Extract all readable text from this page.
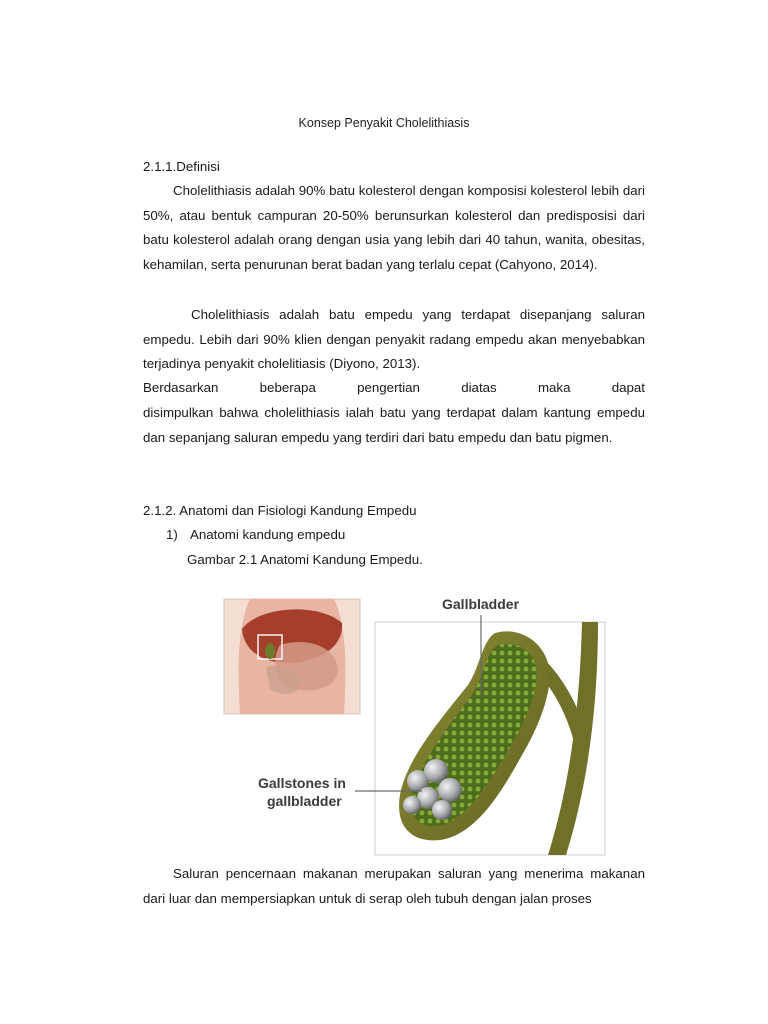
Konsep Penyakit Cholelithiasis
2.1.1.Definisi
Cholelithiasis adalah 90% batu kolesterol dengan komposisi kolesterol lebih dari 50%, atau bentuk campuran 20-50% berunsurkan kolesterol dan predisposisi dari batu kolesterol adalah orang dengan usia yang lebih dari 40 tahun, wanita, obesitas, kehamilan, serta penurunan berat badan yang terlalu cepat (Cahyono, 2014).
Cholelithiasis adalah batu empedu yang terdapat disepanjang saluran empedu. Lebih dari 90% klien dengan penyakit radang empedu akan menyebabkan terjadinya penyakit cholelitiasis (Diyono, 2013).
Berdasarkan beberapa pengertian diatas maka dapat
disimpulkan bahwa cholelithiasis ialah batu yang terdapat dalam kantung empedu dan sepanjang saluran empedu yang terdiri dari batu empedu dan batu pigmen.
2.1.2. Anatomi dan Fisiologi Kandung Empedu
1) Anatomi kandung empedu
Gambar 2.1 Anatomi Kandung Empedu.
Gallbladder
Gallstones in
gallbladder
Saluran pencernaan makanan merupakan saluran yang menerima makanan dari luar dan mempersiapkan untuk di serap oleh tubuh dengan jalan proses
